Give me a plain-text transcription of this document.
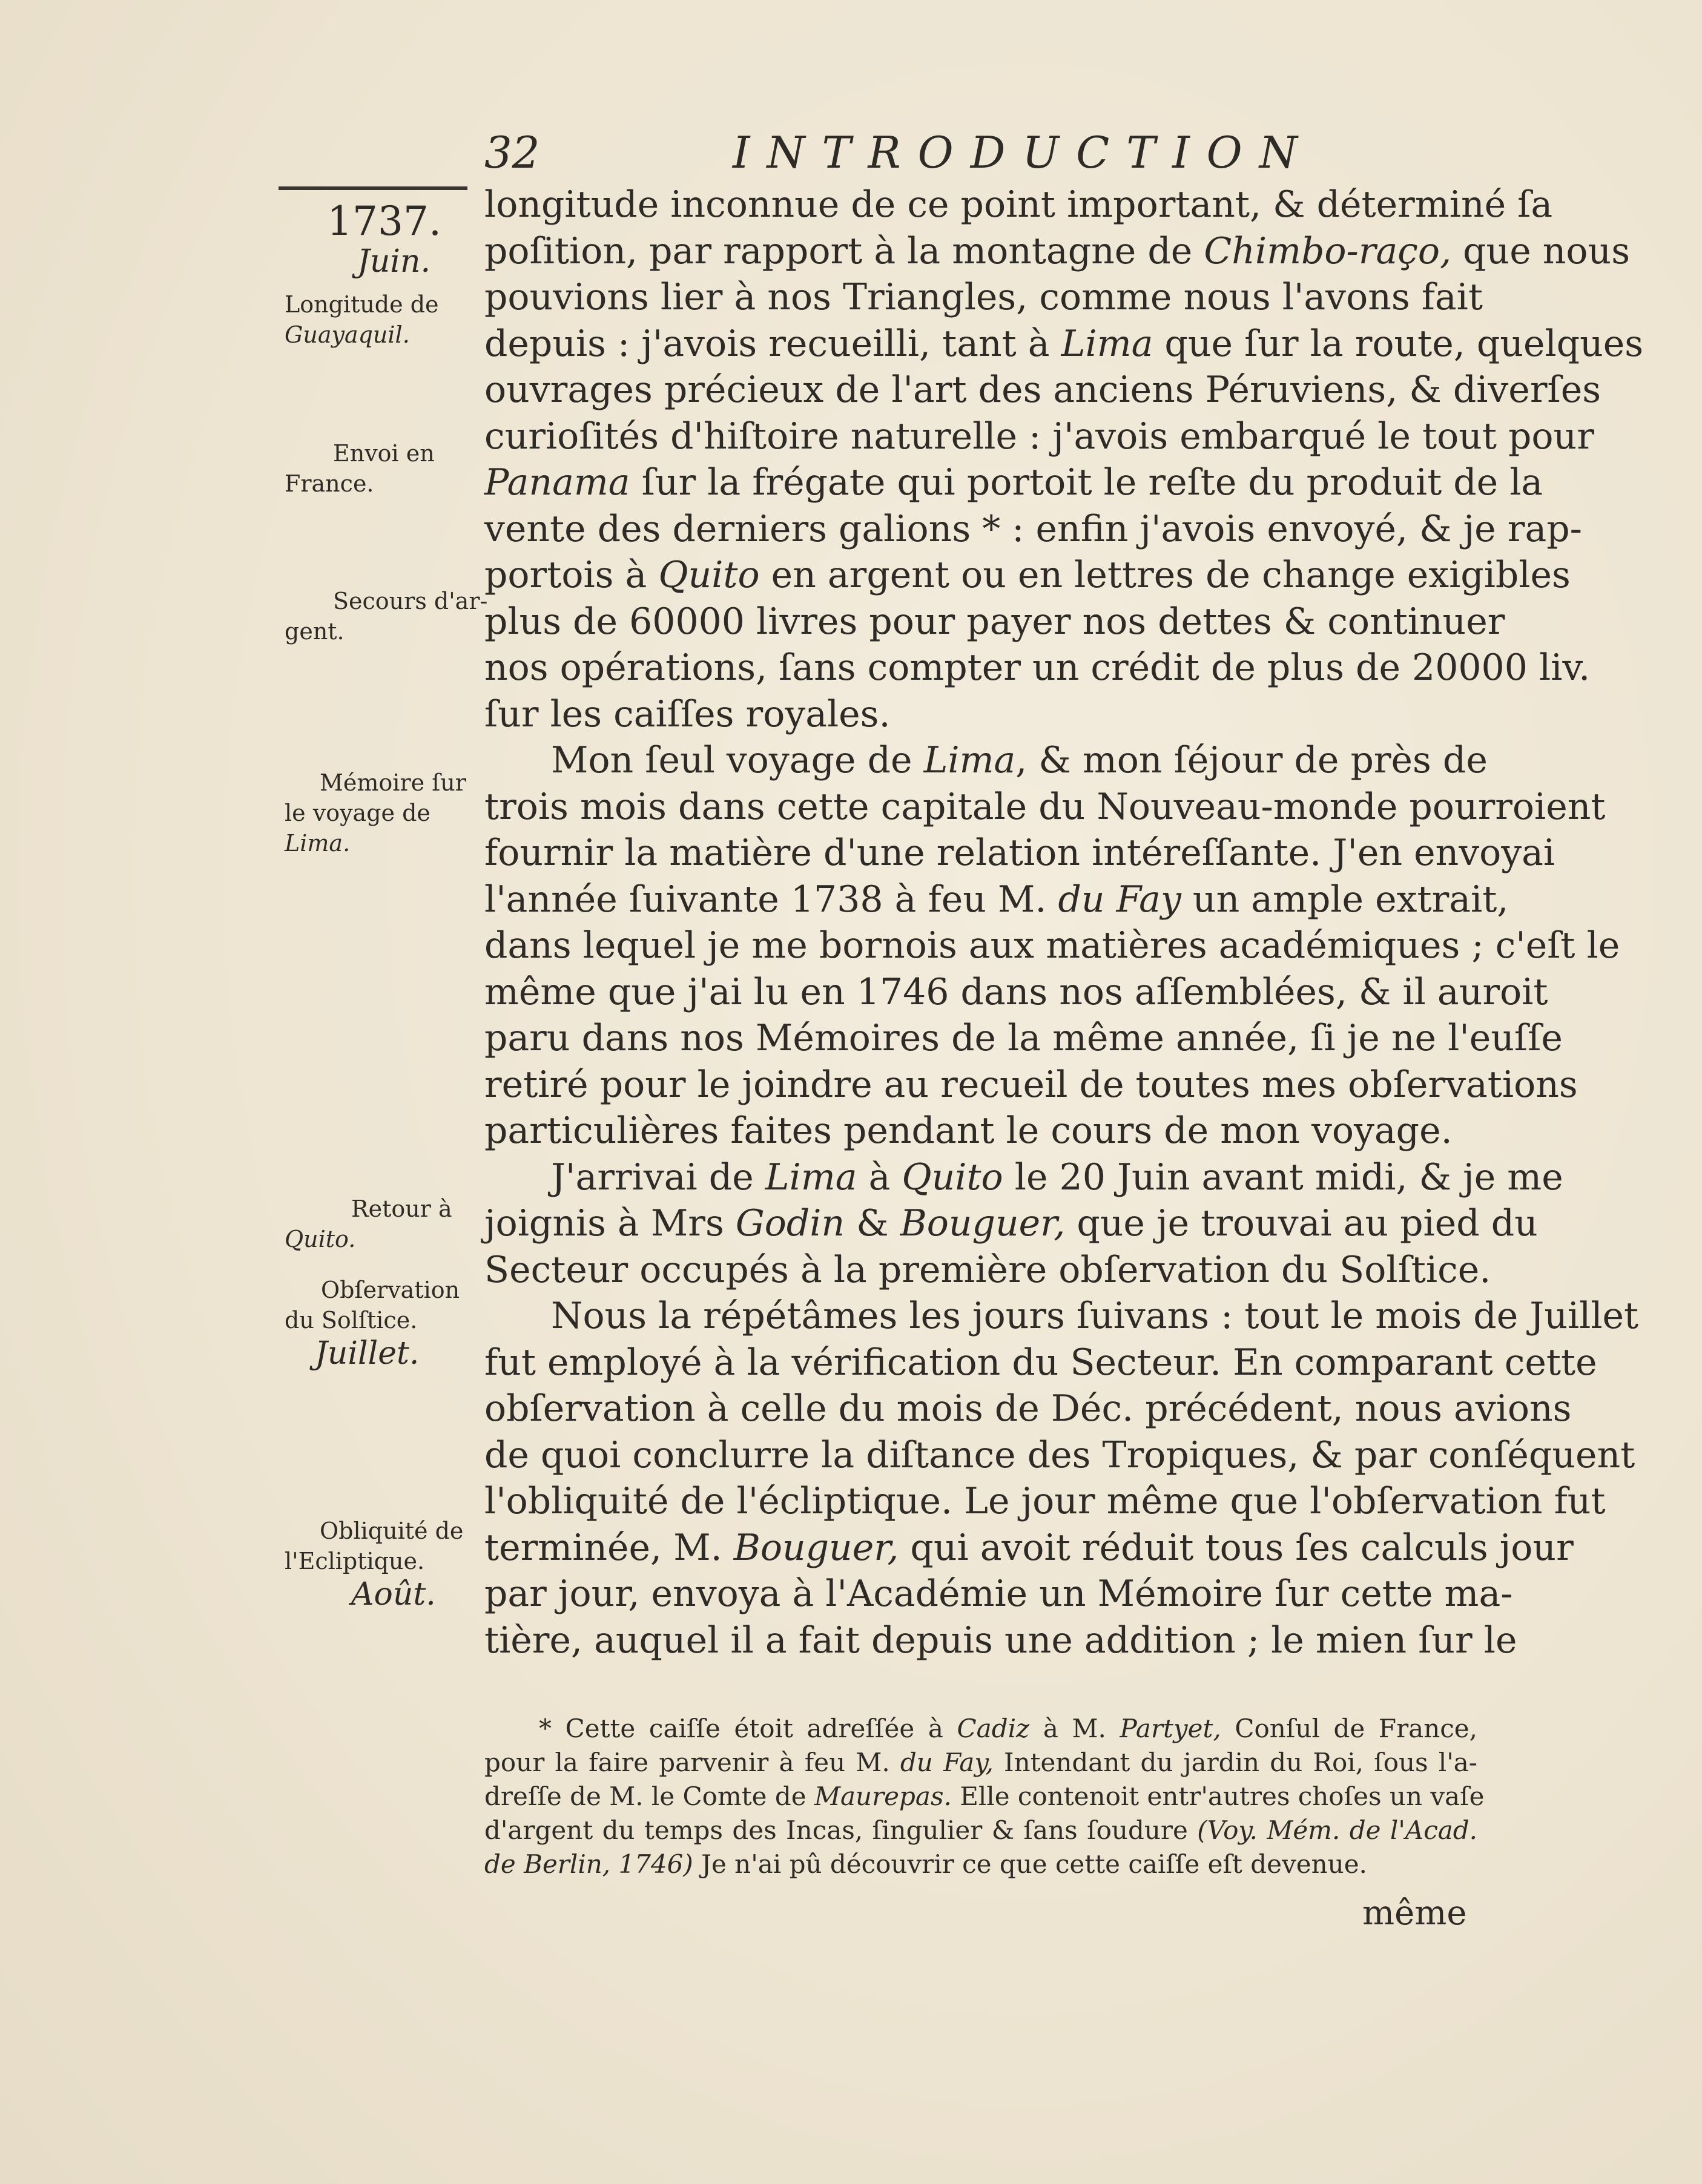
32	INTRODUCTION
1737.
Juin.
Longitude de
Guayaquil.
Envoi en
France.
Secours d'ar-
gent.
Mémoire ſur
le voyage de
Lima.
Retour à
Quito.
Obſervation
du Solſtice.
Juillet.
Obliquité de
l'Ecliptique.
Août.
longitude inconnue de ce point important, & déterminé ſa
poſition, par rapport à la montagne de Chimbo-raço, que nous
pouvions lier à nos Triangles, comme nous l'avons fait
depuis : j'avois recueilli, tant à Lima que ſur la route, quelques
ouvrages précieux de l'art des anciens Péruviens, & diverſes
curioſités d'hiſtoire naturelle : j'avois embarqué le tout pour
Panama ſur la frégate qui portoit le reſte du produit de la
vente des derniers galions * : enfin j'avois envoyé, & je rap-
portois à Quito en argent ou en lettres de change exigibles
plus de 60000 livres pour payer nos dettes & continuer
nos opérations, ſans compter un crédit de plus de 20000 liv.
ſur les caiſſes royales.
Mon ſeul voyage de Lima, & mon ſéjour de près de
trois mois dans cette capitale du Nouveau-monde pourroient
fournir la matière d'une relation intéreſſante. J'en envoyai
l'année ſuivante 1738 à feu M. du Fay un ample extrait,
dans lequel je me bornois aux matières académiques ; c'eſt le
même que j'ai lu en 1746 dans nos aſſemblées, & il auroit
paru dans nos Mémoires de la même année, ſi je ne l'euſſe
retiré pour le joindre au recueil de toutes mes obſervations
particulières faites pendant le cours de mon voyage.
J'arrivai de Lima à Quito le 20 Juin avant midi, & je me
joignis à Mrs Godin & Bouguer, que je trouvai au pied du
Secteur occupés à la première obſervation du Solſtice.
Nous la répétâmes les jours ſuivans : tout le mois de Juillet
fut employé à la vérification du Secteur. En comparant cette
obſervation à celle du mois de Déc. précédent, nous avions
de quoi conclurre la diſtance des Tropiques, & par conſéquent
l'obliquité de l'écliptique. Le jour même que l'obſervation fut
terminée, M. Bouguer, qui avoit réduit tous ſes calculs jour
par jour, envoya à l'Académie un Mémoire ſur cette ma-
tière, auquel il a fait depuis une addition ; le mien ſur le
* Cette caiſſe étoit adreſſée à Cadiz à M. Partyet, Conſul de France,
pour la faire parvenir à feu M. du Fay, Intendant du jardin du Roi, ſous l'a-
dreſſe de M. le Comte de Maurepas. Elle contenoit entr'autres choſes un vaſe
d'argent du temps des Incas, ſingulier & ſans ſoudure (Voy. Mém. de l'Acad.
de Berlin, 1746) Je n'ai pû découvrir ce que cette caiſſe eſt devenue.
même
